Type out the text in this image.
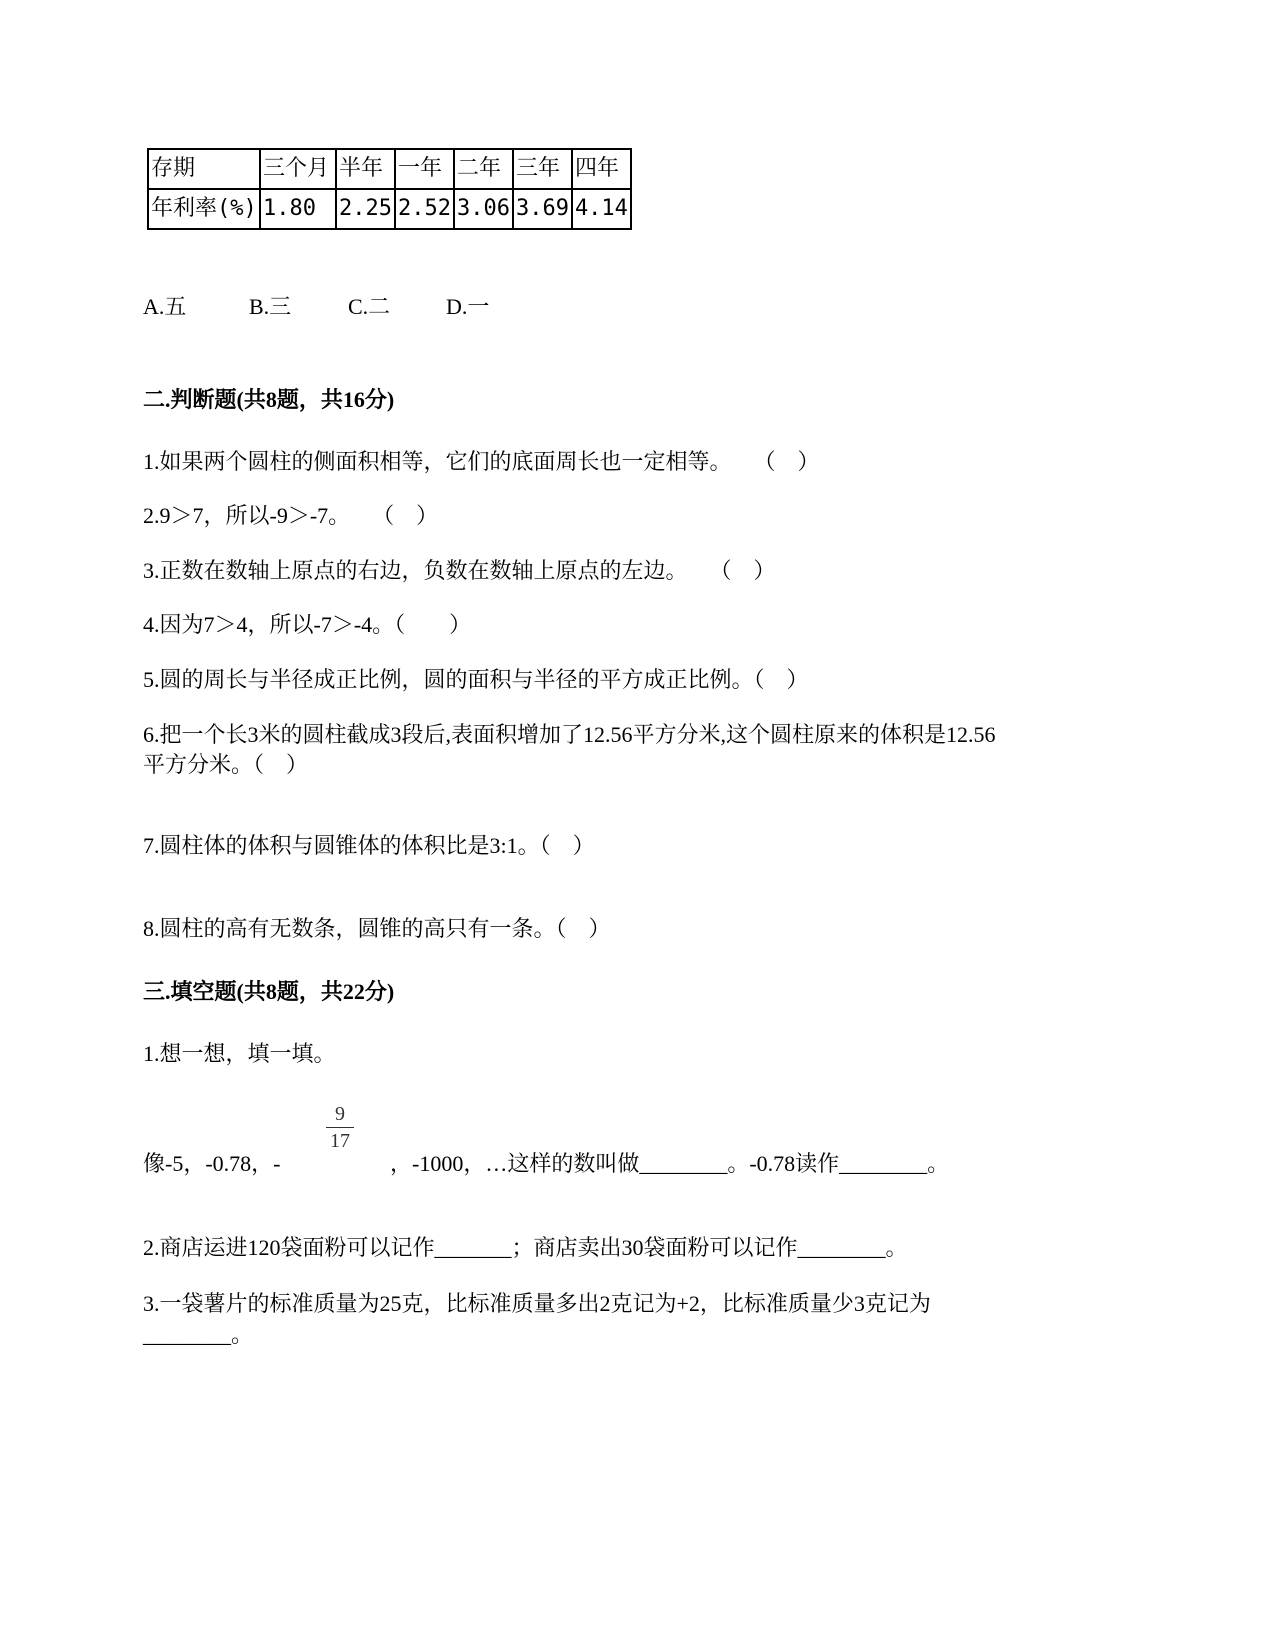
存期	三个月	半年	一年	二年	三年	四年
年利率(%)	1.80	2.25	2.52	3.06	3.69	4.14
A.五	B.三	C.二	D.一
二.判断题(共8题，共16分)
1.如果两个圆柱的侧面积相等，它们的底面周长也一定相等。　　（　）
2.9＞7，所以-9＞-7。　　（　）
3.正数在数轴上原点的右边，负数在数轴上原点的左边。　　（　）
4.因为7＞4，所以-7＞-4。（　　）
5.圆的周长与半径成正比例，圆的面积与半径的平方成正比例。（　）
6.把一个长3米的圆柱截成3段后,表面积增加了12.56平方分米,这个圆柱原来的体积是12.56
平方分米。（　）
7.圆柱体的体积与圆锥体的体积比是3:1。（　）
8.圆柱的高有无数条，圆锥的高只有一条。（　）
三.填空题(共8题，共22分)
1.想一想，填一填。
像-5，-0.78，-
9
17
，-1000，…这样的数叫做________。-0.78读作________。
2.商店运进120袋面粉可以记作_______；商店卖出30袋面粉可以记作________。
3.一袋薯片的标准质量为25克，比标准质量多出2克记为+2，比标准质量少3克记为
________。
